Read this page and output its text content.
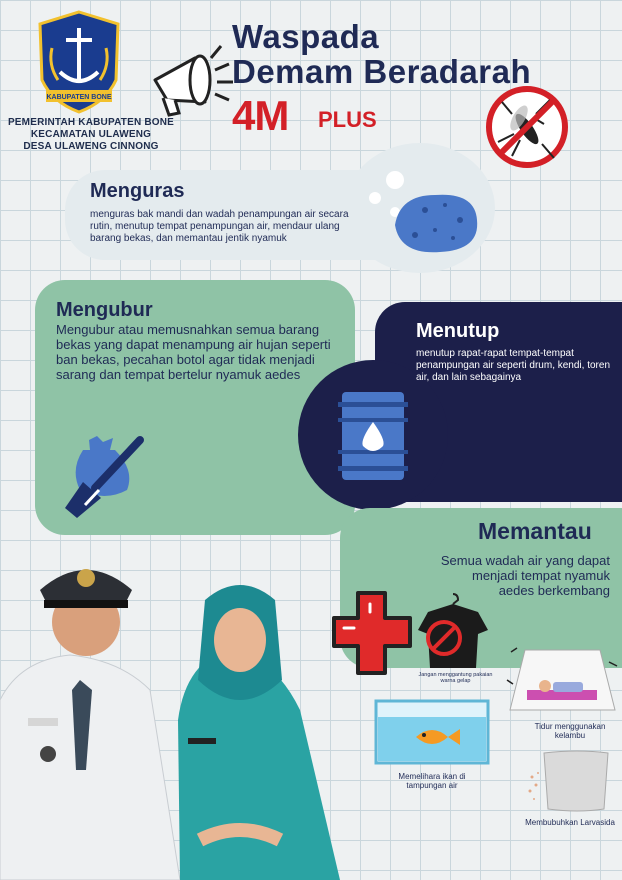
KABUPATEN BONE
PEMERINTAH KABUPATEN BONE
KECAMATAN ULAWENG
DESA ULAWENG CINNONG
Waspada
Demam Beradarah
4M PLUS
Menguras
menguras bak mandi dan wadah penampungan air secara rutin, menutup tempat penampungan air, mendaur ulang barang bekas, dan memantau jentik nyamuk
Mengubur
Mengubur atau memusnahkan semua barang bekas yang dapat menampung air hujan seperti ban bekas, pecahan botol agar tidak menjadi sarang dan tempat bertelur nyamuk aedes
Menutup
menutup rapat-rapat tempat-tempat penampungan air seperti drum, kendi, toren air, dan lain sebagainya
Memantau
Semua wadah air yang dapat menjadi tempat nyamuk aedes berkembang
Jangan menggantung pakaian warna gelap
Tidur menggunakan kelambu
Memelihara ikan di tampungan air
Membubuhkan Larvasida
